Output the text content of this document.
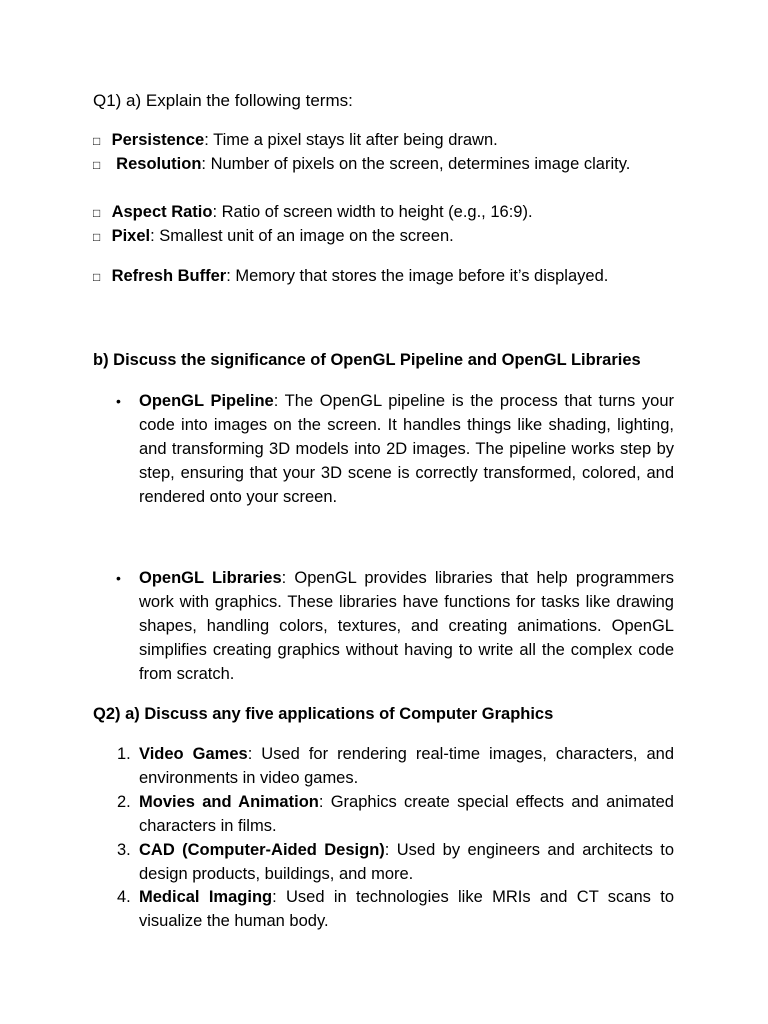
Q1) a) Explain the following terms:
□ Persistence: Time a pixel stays lit after being drawn.
□ Resolution: Number of pixels on the screen, determines image clarity.
□ Aspect Ratio: Ratio of screen width to height (e.g., 16:9).
□ Pixel: Smallest unit of an image on the screen.
□ Refresh Buffer: Memory that stores the image before it’s displayed.
b) Discuss the significance of OpenGL Pipeline and OpenGL Libraries
• OpenGL Pipeline: The OpenGL pipeline is the process that turns your code into images on the screen. It handles things like shading, lighting, and transforming 3D models into 2D images. The pipeline works step by step, ensuring that your 3D scene is correctly transformed, colored, and rendered onto your screen.
• OpenGL Libraries: OpenGL provides libraries that help programmers work with graphics. These libraries have functions for tasks like drawing shapes, handling colors, textures, and creating animations. OpenGL simplifies creating graphics without having to write all the complex code from scratch.
Q2) a) Discuss any five applications of Computer Graphics
1. Video Games: Used for rendering real-time images, characters, and environments in video games.
2. Movies and Animation: Graphics create special effects and animated characters in films.
3. CAD (Computer-Aided Design): Used by engineers and architects to design products, buildings, and more.
4. Medical Imaging: Used in technologies like MRIs and CT scans to visualize the human body.
